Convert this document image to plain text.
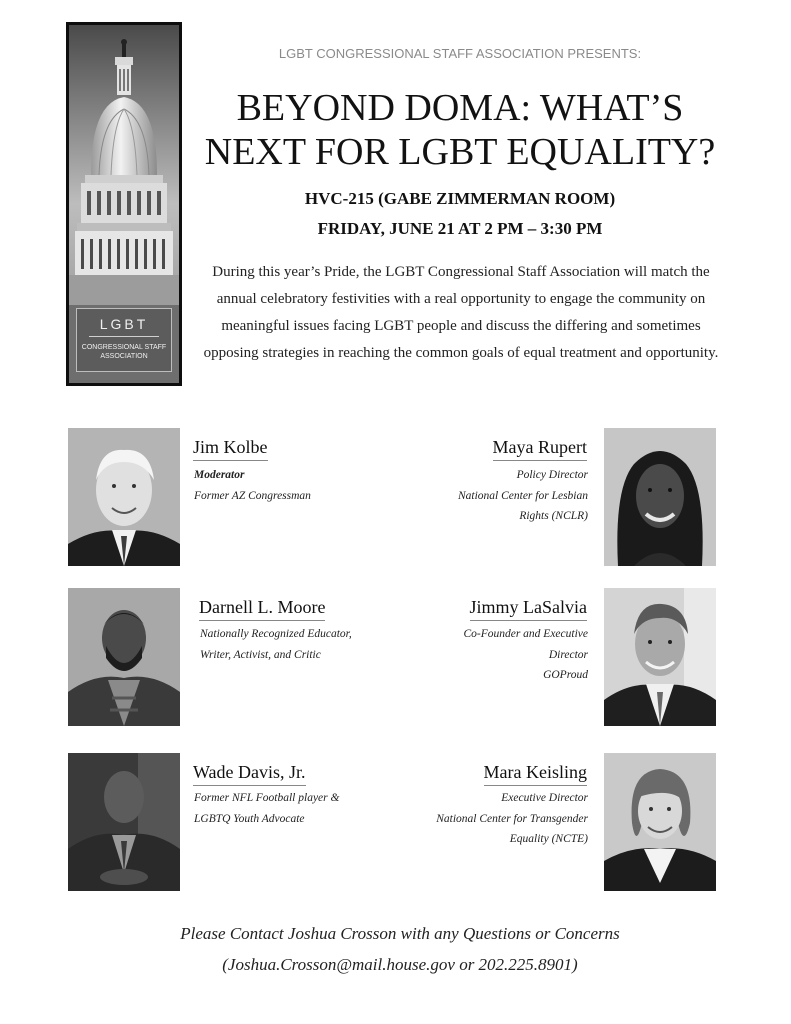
LGBT
CONGRESSIONAL STAFF
ASSOCIATION
LGBT CONGRESSIONAL STAFF ASSOCIATION PRESENTS:
BEYOND DOMA: WHAT’S
NEXT FOR LGBT EQUALITY?
HVC-215 (GABE ZIMMERMAN ROOM)
FRIDAY, JUNE 21 AT 2 PM – 3:30 PM

During this year’s Pride, the LGBT Congressional Staff Association will match the annual celebratory festivities with a real opportunity to engage the community on meaningful issues facing LGBT people and discuss the differing and sometimes opposing strategies in reaching the common goals of equal treatment and opportunity.

Jim Kolbe
Moderator
Former AZ Congressman
Maya Rupert
Policy Director
National Center for Lesbian
Rights (NCLR)
Darnell L. Moore
Nationally Recognized Educator,
Writer, Activist, and Critic
Jimmy LaSalvia
Co-Founder and Executive
Director
GOProud
Wade Davis, Jr.
Former NFL Football player &
LGBTQ Youth Advocate
Mara Keisling
Executive Director
National Center for Transgender
Equality (NCTE)
Please Contact Joshua Crosson with any Questions or Concerns
(Joshua.Crosson@mail.house.gov or 202.225.8901)
